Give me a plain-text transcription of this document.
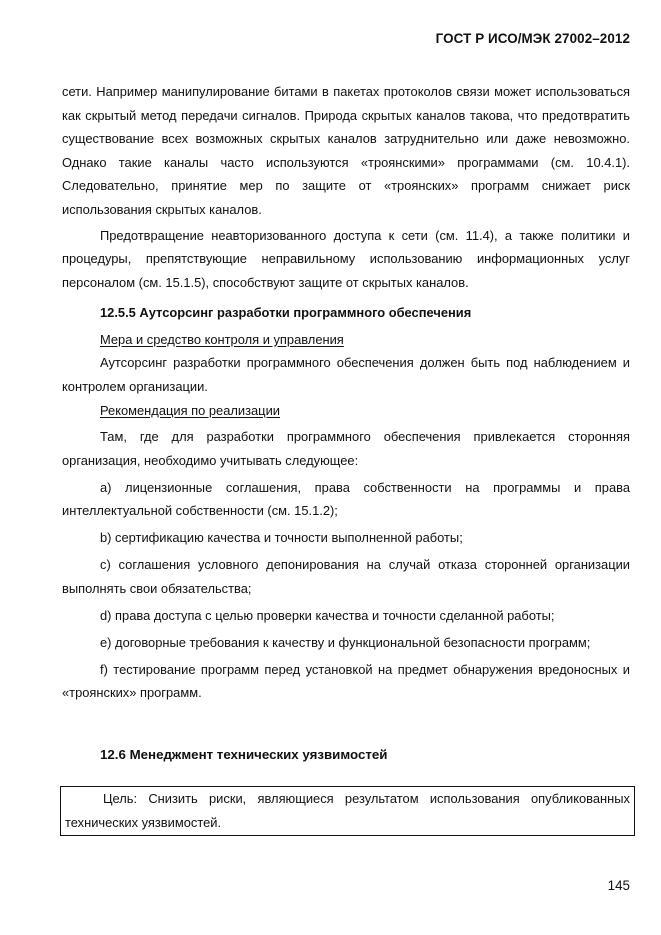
ГОСТ Р ИСО/МЭК 27002–2012

сети. Например манипулирование битами в пакетах протоколов связи может использоваться как скрытый метод передачи сигналов. Природа скрытых каналов такова, что предотвратить существование всех возможных скрытых каналов затруднительно или даже невозможно. Однако такие каналы часто используются «троянскими» программами (см. 10.4.1). Следовательно, принятие мер по защите от «троянских» программ снижает риск использования скрытых каналов.

Предотвращение неавторизованного доступа к сети (см. 11.4), а также политики и процедуры, препятствующие неправильному использованию информационных услуг персоналом (см. 15.1.5), способствуют защите от скрытых каналов.

12.5.5 Аутсорсинг разработки программного обеспечения

Мера и средство контроля и управления

Аутсорсинг разработки программного обеспечения должен быть под наблюдением и контролем организации.

Рекомендация по реализации

Там, где для разработки программного обеспечения привлекается сторонняя организация, необходимо учитывать следующее:

a) лицензионные соглашения, права собственности на программы и права интеллектуальной собственности (см. 15.1.2);

b) сертификацию качества и точности выполненной работы;

c) соглашения условного депонирования на случай отказа сторонней организации выполнять свои обязательства;

d) права доступа с целью проверки качества и точности сделанной работы;

e) договорные требования к качеству и функциональной безопасности программ;

f) тестирование программ перед установкой на предмет обнаружения вредоносных и «троянских» программ.

12.6 Менеджмент технических уязвимостей

Цель: Снизить риски, являющиеся результатом использования опубликованных технических уязвимостей.

145
